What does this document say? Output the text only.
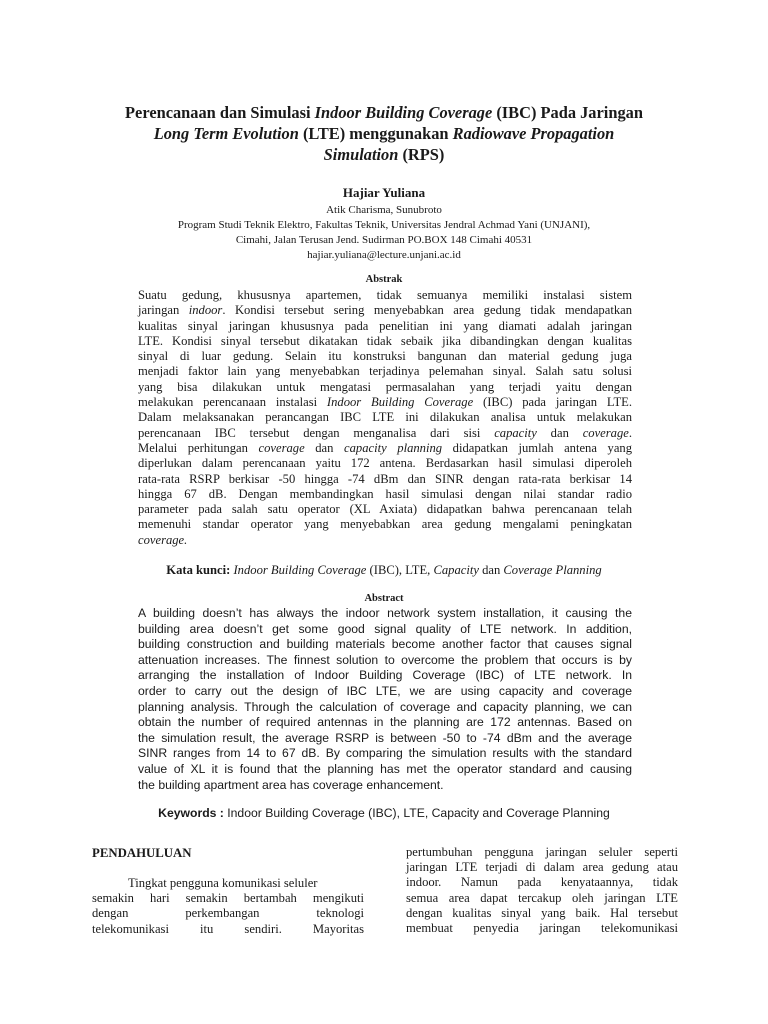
Perencanaan dan Simulasi Indoor Building Coverage (IBC) Pada Jaringan
Long Term Evolution (LTE) menggunakan Radiowave Propagation
Simulation (RPS)
Hajiar Yuliana
Atik Charisma, Sunubroto
Program Studi Teknik Elektro, Fakultas Teknik, Universitas Jendral Achmad Yani (UNJANI),
Cimahi, Jalan Terusan Jend. Sudirman PO.BOX 148 Cimahi 40531
hajiar.yuliana@lecture.unjani.ac.id
Abstrak
Suatu gedung, khususnya apartemen, tidak semuanya memiliki instalasi sistem
jaringan indoor. Kondisi tersebut sering menyebabkan area gedung tidak mendapatkan
kualitas sinyal jaringan khususnya pada penelitian ini yang diamati adalah jaringan
LTE. Kondisi sinyal tersebut dikatakan tidak sebaik jika dibandingkan dengan kualitas
sinyal di luar gedung. Selain itu konstruksi bangunan dan material gedung juga
menjadi faktor lain yang menyebabkan terjadinya pelemahan sinyal. Salah satu solusi
yang bisa dilakukan untuk mengatasi permasalahan yang terjadi yaitu dengan
melakukan perencanaan instalasi Indoor Building Coverage (IBC) pada jaringan LTE.
Dalam melaksanakan perancangan IBC LTE ini dilakukan analisa untuk melakukan
perencanaan IBC tersebut dengan menganalisa dari sisi capacity dan coverage.
Melalui perhitungan coverage dan capacity planning didapatkan jumlah antena yang
diperlukan dalam perencanaan yaitu 172 antena. Berdasarkan hasil simulasi diperoleh
rata-rata RSRP berkisar -50 hingga -74 dBm dan SINR dengan rata-rata berkisar 14
hingga 67 dB. Dengan membandingkan hasil simulasi dengan nilai standar radio
parameter pada salah satu operator (XL Axiata) didapatkan bahwa perencanaan telah
memenuhi standar operator yang menyebabkan area gedung mengalami peningkatan
coverage.
Kata kunci: Indoor Building Coverage (IBC), LTE, Capacity dan Coverage Planning
Abstract
A building doesn’t has always the indoor network system installation, it causing the
building area doesn’t get some good signal quality of LTE network. In addition,
building construction and building materials become another factor that causes signal
attenuation increases. The finnest solution to overcome the problem that occurs is by
arranging the installation of Indoor Building Coverage (IBC) of LTE network. In
order to carry out the design of IBC LTE, we are using capacity and coverage
planning analysis. Through the calculation of coverage and capacity planning, we can
obtain the number of required antennas in the planning are 172 antennas. Based on
the simulation result, the average RSRP is between -50 to -74 dBm and the average
SINR ranges from 14 to 67 dB. By comparing the simulation results with the standard
value of XL it is found that the planning has met the operator standard and causing
the building apartment area has coverage enhancement.
Keywords : Indoor Building Coverage (IBC), LTE, Capacity and Coverage Planning
PENDAHULUAN
Tingkat pengguna komunikasi seluler
semakin hari semakin bertambah mengikuti
dengan perkembangan teknologi
telekomunikasi itu sendiri. Mayoritas
pertumbuhan pengguna jaringan seluler seperti
jaringan LTE terjadi di dalam area gedung atau
indoor. Namun pada kenyataannya, tidak
semua area dapat tercakup oleh jaringan LTE
dengan kualitas sinyal yang baik. Hal tersebut
membuat penyedia jaringan telekomunikasi
